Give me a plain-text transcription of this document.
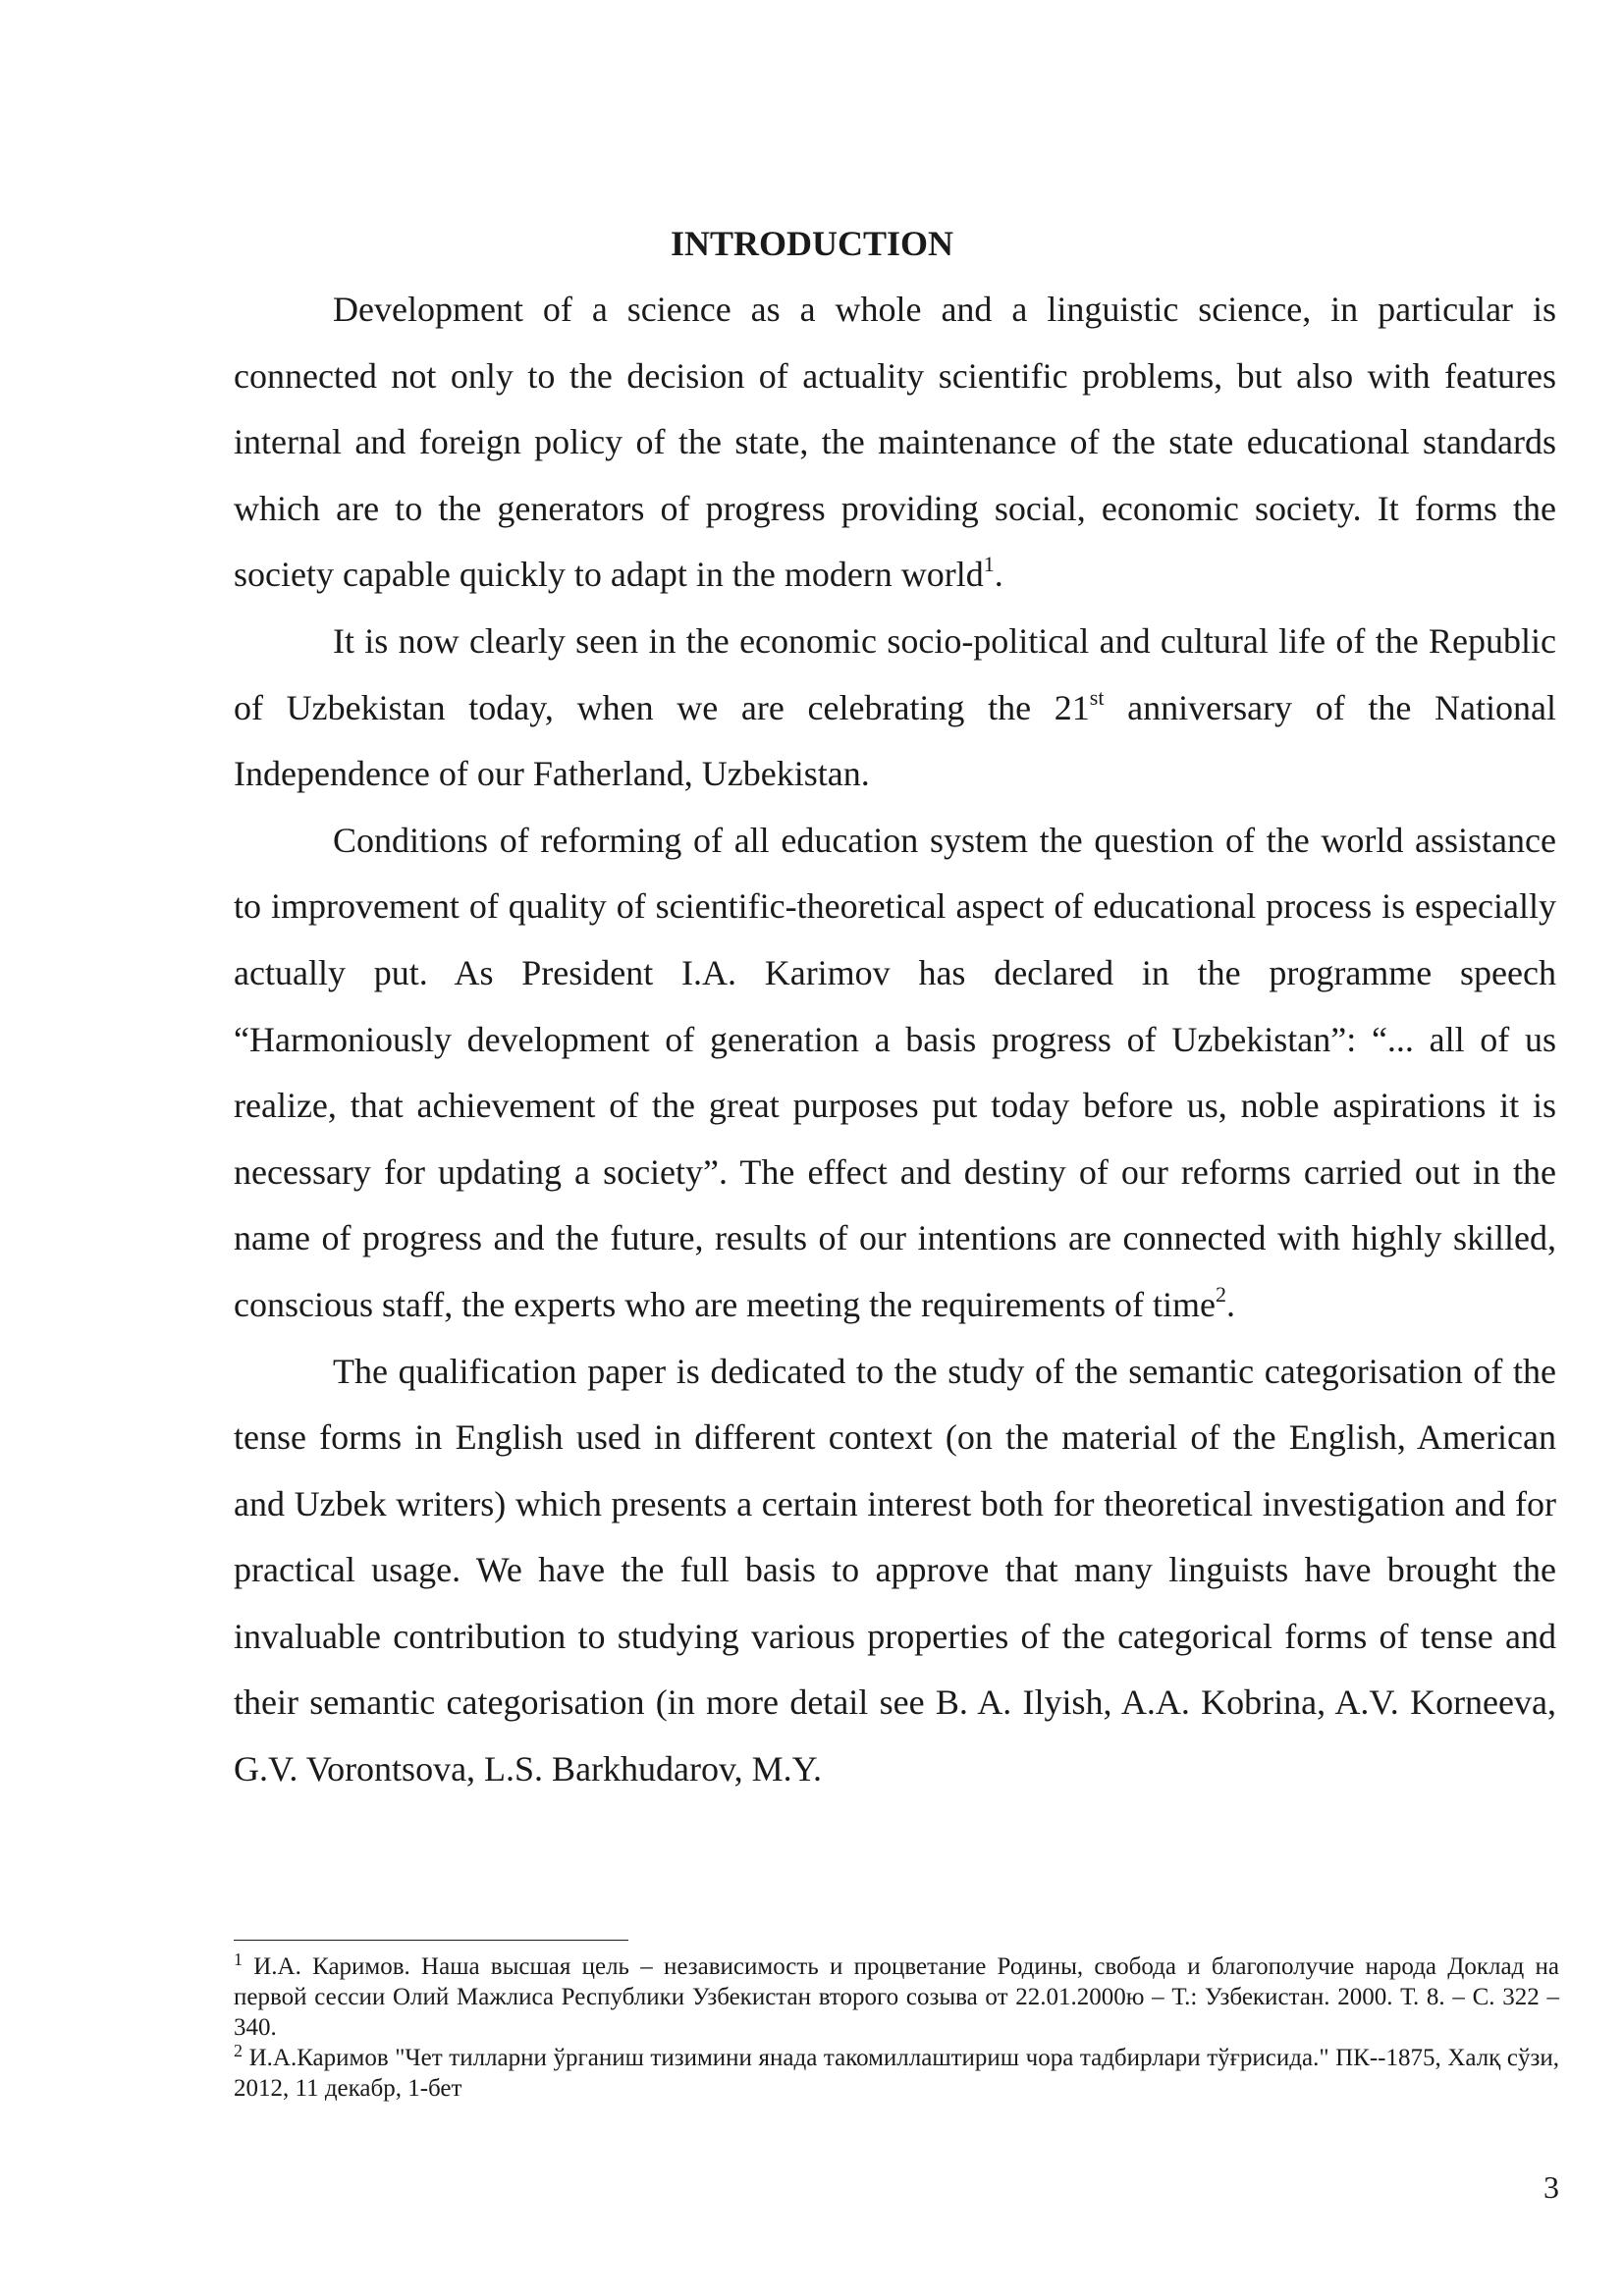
INTRODUCTION

Development of a science as a whole and a linguistic science, in particular is connected not only to the decision of actuality scientific problems, but also with features internal and foreign policy of the state, the maintenance of the state educational standards which are to the generators of progress providing social, economic society. It forms the society capable quickly to adapt in the modern world$^1$.

It is now clearly seen in the economic socio-political and cultural life of the Republic of Uzbekistan today, when we are celebrating the 21st anniversary of the National Independence of our Fatherland, Uzbekistan.

Conditions of reforming of all education system the question of the world assistance to improvement of quality of scientific-theoretical aspect of educational process is especially actually put. As President I.A. Karimov has declared in the programme speech “Harmoniously development of generation a basis progress of Uzbekistan”: “... all of us realize, that achievement of the great purposes put today before us, noble aspirations it is necessary for updating a society”. The effect and destiny of our reforms carried out in the name of progress and the future, results of our intentions are connected with highly skilled, conscious staff, the experts who are meeting the requirements of time$^2$.

The qualification paper is dedicated to the study of the semantic categorisation of the tense forms in English used in different context (on the material of the English, American and Uzbek writers) which presents a certain interest both for theoretical investigation and for practical usage. We have the full basis to approve that many linguists have brought the invaluable contribution to studying various properties of the categorical forms of tense and their semantic categorisation (in more detail see B. A. Ilyish, A.A. Kobrina, A.V. Korneeva, G.V. Vorontsova, L.S. Barkhudarov, M.Y.

$^1$ И.А. Каримов. Наша высшая цель – независимость и процветание Родины, свобода и благополучие народа Доклад на первой сессии Олий Мажлиса Республики Узбекистан второго созыва от 22.01.2000ю – Т.: Узбекистан. 2000. Т. 8. – С. 322 – 340.

$^2$ И.А.Каримов "Чет тилларни ўрганиш тизимини янада такомиллаштириш чора тадбирлари тўғрисида." ПК--1875, Халқ сўзи, 2012, 11 декабр, 1-бет

3
